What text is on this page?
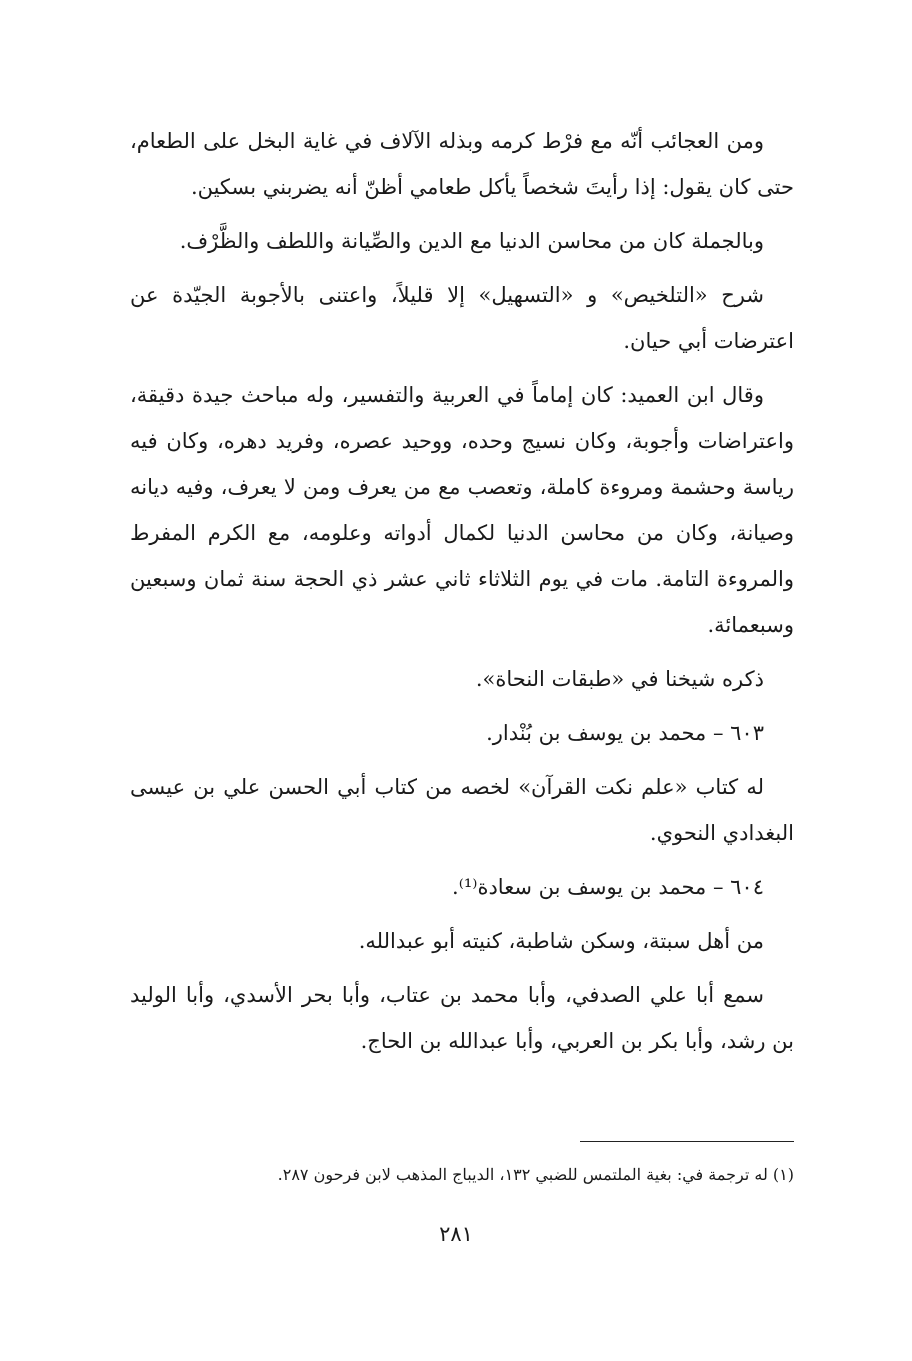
ومن العجائب أنّه مع فرْط كرمه وبذله الآلاف في غاية البخل على الطعام، حتى كان يقول: إذا رأيتَ شخصاً يأكل طعامي أظنّ أنه يضربني بسكين.

وبالجملة كان من محاسن الدنيا مع الدين والصِّيانة واللطف والظَّرْف.

شرح «التلخيص» و «التسهيل» إلا قليلاً، واعتنى بالأجوبة الجيّدة عن اعترضات أبي حيان.

وقال ابن العميد: كان إماماً في العربية والتفسير، وله مباحث جيدة دقيقة، واعتراضات وأجوبة، وكان نسيج وحده، ووحيد عصره، وفريد دهره، وكان فيه رياسة وحشمة ومروءة كاملة، وتعصب مع من يعرف ومن لا يعرف، وفيه ديانه وصيانة، وكان من محاسن الدنيا لكمال أدواته وعلومه، مع الكرم المفرط والمروءة التامة. مات في يوم الثلاثاء ثاني عشر ذي الحجة سنة ثمان وسبعين وسبعمائة.

ذكره شيخنا في «طبقات النحاة».

٦٠٣ – محمد بن يوسف بن بُنْدار.

له كتاب «علم نكت القرآن» لخصه من كتاب أبي الحسن علي بن عيسى البغدادي النحوي.

٦٠٤ – محمد بن يوسف بن سعادة⁽¹⁾.

من أهل سبتة، وسكن شاطبة، كنيته أبو عبدالله.

سمع أبا علي الصدفي، وأبا محمد بن عتاب، وأبا بحر الأسدي، وأبا الوليد بن رشد، وأبا بكر بن العربي، وأبا عبدالله بن الحاج.

(١) له ترجمة في: بغية الملتمس للضبي ١٣٢، الديباج المذهب لابن فرحون ٢٨٧.
٢٨١
